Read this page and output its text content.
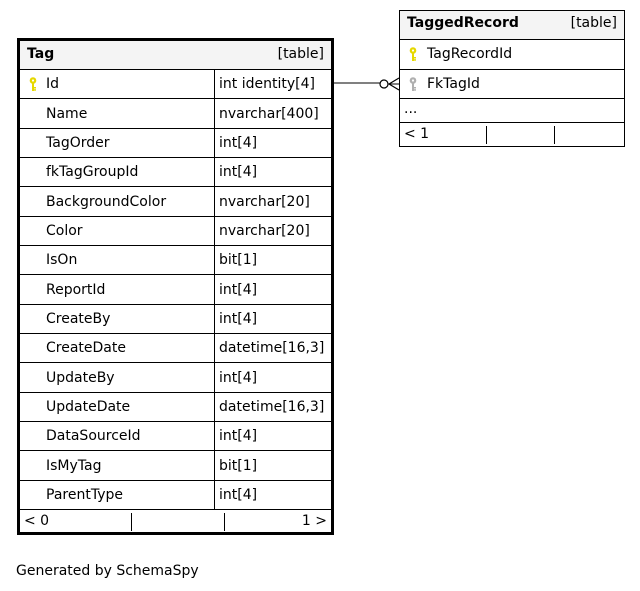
Tag	[table]
Id	int identity[4]
Name	nvarchar[400]
TagOrder	int[4]
fkTagGroupId	int[4]
BackgroundColor	nvarchar[20]
Color	nvarchar[20]
IsOn	bit[1]
ReportId	int[4]
CreateBy	int[4]
CreateDate	datetime[16,3]
UpdateBy	int[4]
UpdateDate	datetime[16,3]
DataSourceId	int[4]
IsMyTag	bit[1]
ParentType	int[4]
< 0	1 >
TaggedRecord	[table]
TagRecordId
FkTagId
...
< 1
Generated by SchemaSpy
